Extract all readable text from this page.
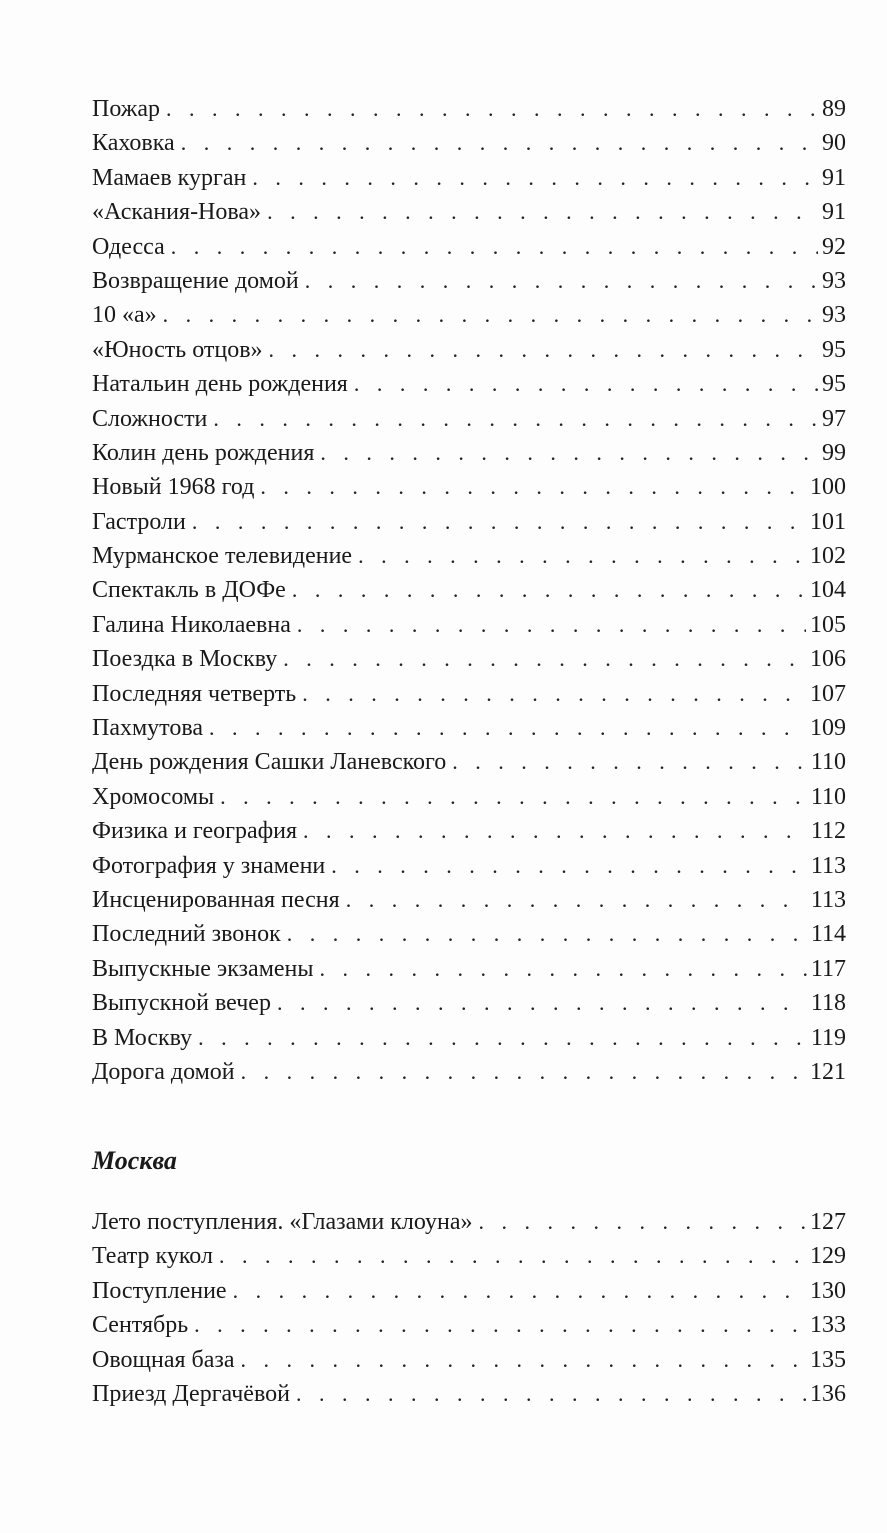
Пожар . . .	89
Каховка . . .	90
Мамаев курган . . .	91
«Аскания-Нова» . . .	91
Одесса . . .	92
Возвращение домой . . .	93
10 «а» . . .	93
«Юность отцов» . . .	95
Натальин день рождения . . .	95
Сложности . . .	97
Колин день рождения . . .	99
Новый 1968 год . . .	100
Гастроли . . .	101
Мурманское телевидение . . .	102
Спектакль в ДОФе . . .	104
Галина Николаевна . . .	105
Поездка в Москву . . .	106
Последняя четверть . . .	107
Пахмутова . . .	109
День рождения Сашки Ланевского . . .	110
Хромосомы . . .	110
Физика и география . . .	112
Фотография у знамени . . .	113
Инсценированная песня . . .	113
Последний звонок . . .	114
Выпускные экзамены . . .	117
Выпускной вечер . . .	118
В Москву . . .	119
Дорога домой . . .	121
Москва
Лето поступления. «Глазами клоуна» . . .	127
Театр кукол . . .	129
Поступление . . .	130
Сентябрь . . .	133
Овощная база . . .	135
Приезд Дергачёвой . . .	136
